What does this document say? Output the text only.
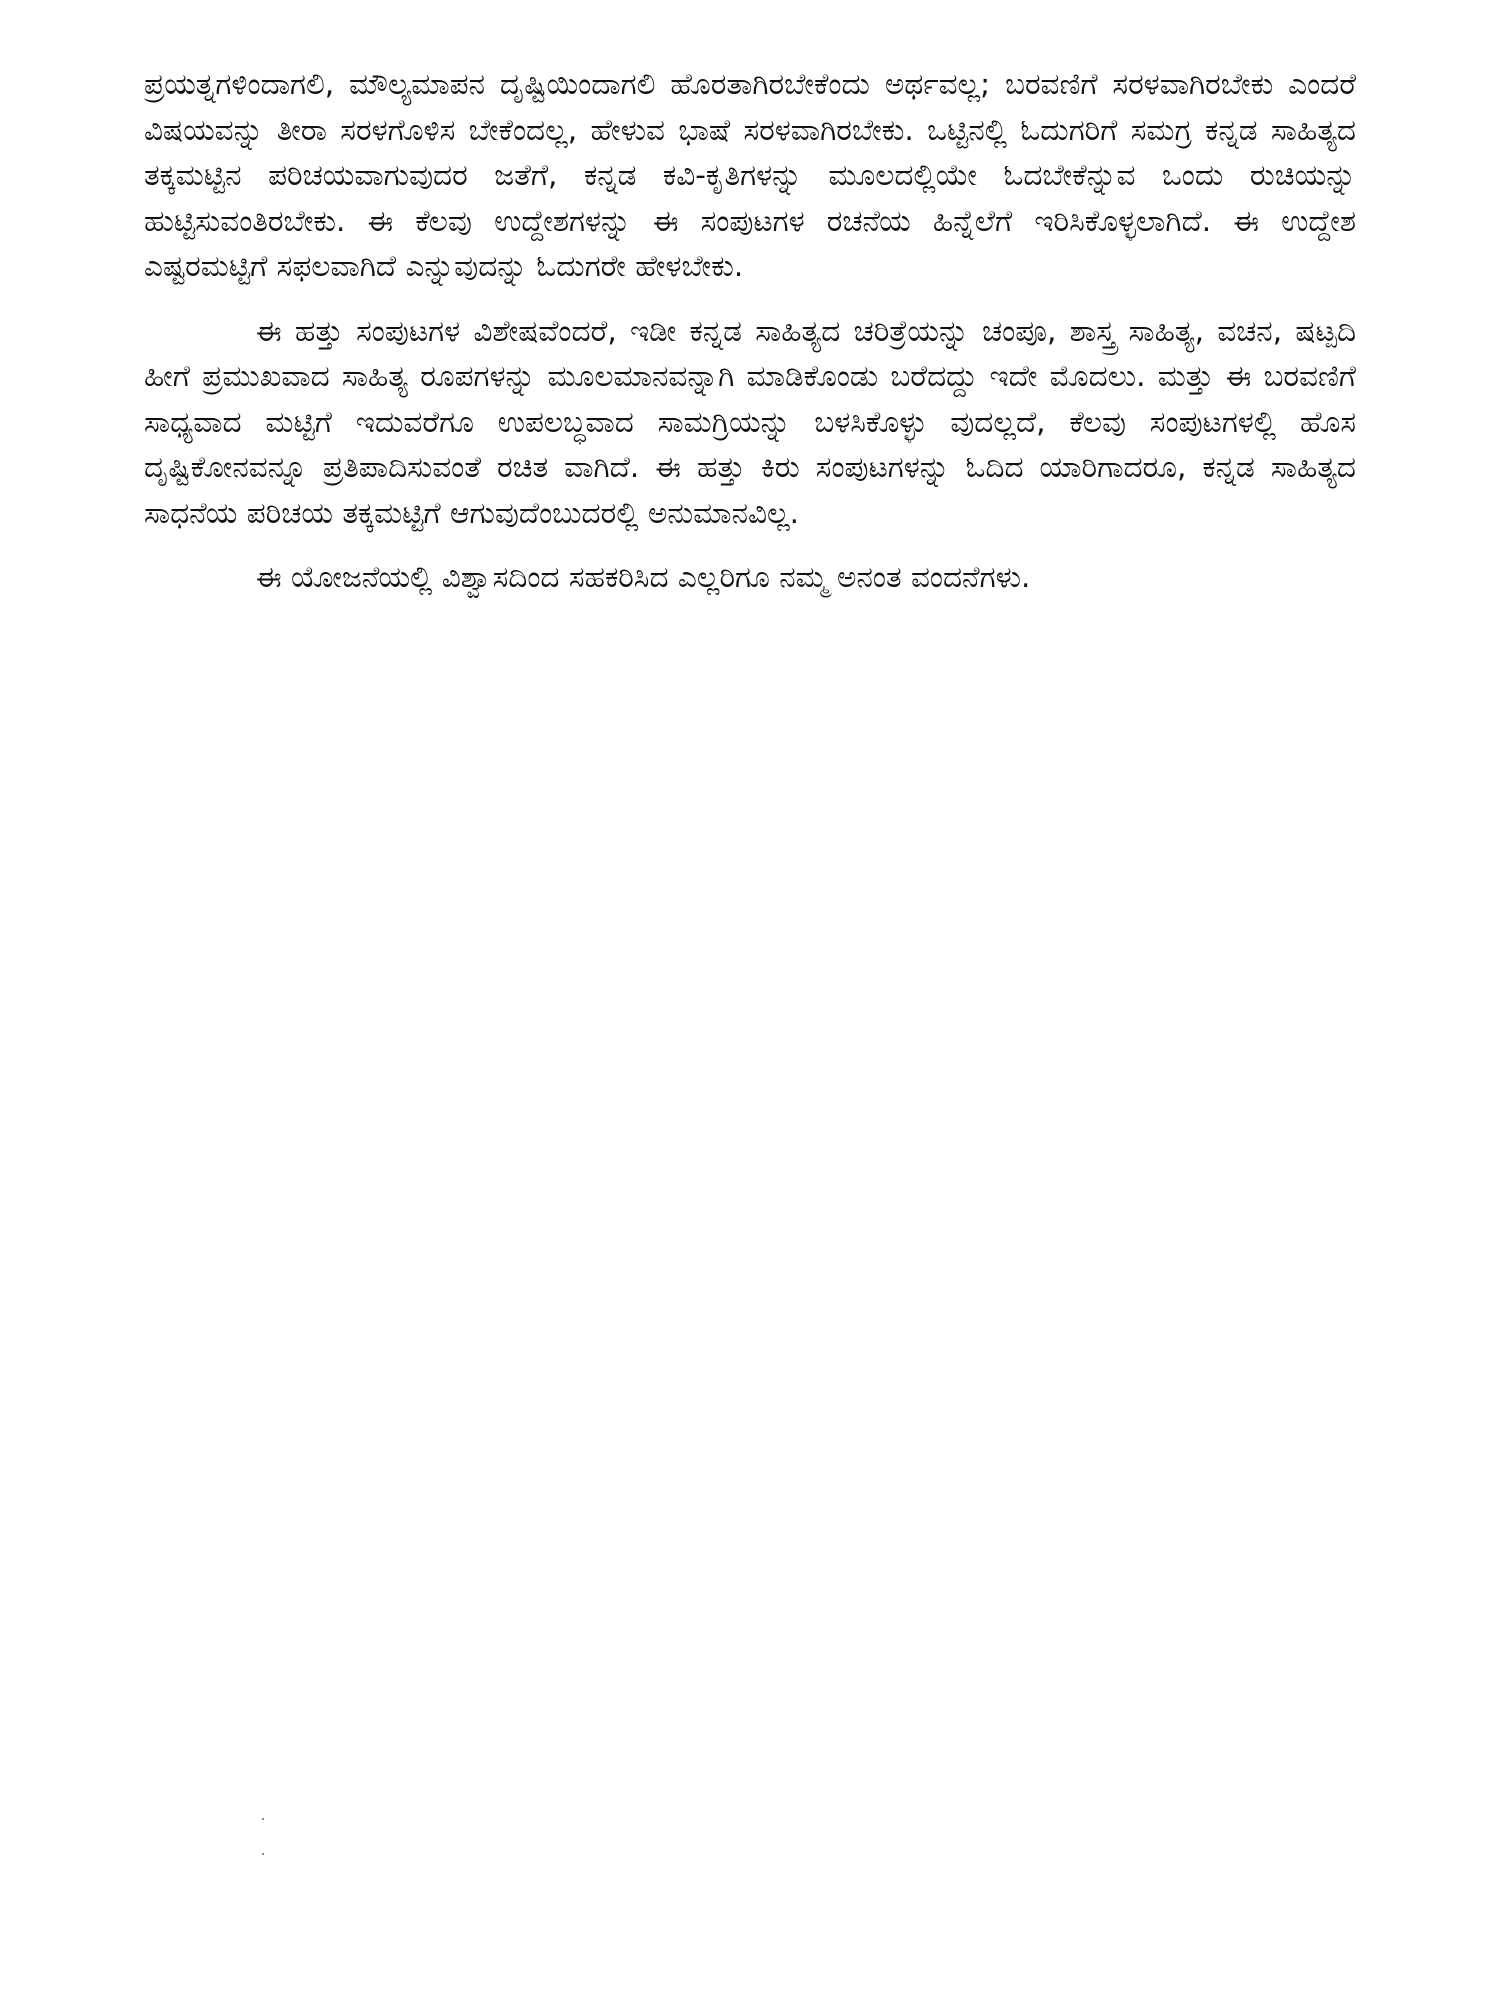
ಪ್ರಯತ್ನಗಳಿಂದಾಗಲಿ, ಮೌಲ್ಯಮಾಪನ ದೃಷ್ಟಿಯಿಂದಾಗಲಿ ಹೊರತಾಗಿರಬೇಕೆಂದು ಅರ್ಥವಲ್ಲ; ಬರವಣಿಗೆ ಸರಳವಾಗಿರಬೇಕು ಎಂದರೆ ವಿಷಯವನ್ನು ತೀರಾ ಸರಳಗೊಳಿಸ ಬೇಕೆಂದಲ್ಲ, ಹೇಳುವ ಭಾಷೆ ಸರಳವಾಗಿರಬೇಕು. ಒಟ್ಟಿನಲ್ಲಿ ಓದುಗರಿಗೆ ಸಮಗ್ರ ಕನ್ನಡ ಸಾಹಿತ್ಯದ ತಕ್ಕಮಟ್ಟಿನ ಪರಿಚಯವಾಗುವುದರ ಜತೆಗೆ, ಕನ್ನಡ ಕವಿ-ಕೃತಿಗಳನ್ನು ಮೂಲದಲ್ಲಿಯೇ ಓದಬೇಕೆನ್ನುವ ಒಂದು ರುಚಿಯನ್ನು ಹುಟ್ಟಿಸುವಂತಿರಬೇಕು. ಈ ಕೆಲವು ಉದ್ದೇಶಗಳನ್ನು ಈ ಸಂಪುಟಗಳ ರಚನೆಯ ಹಿನ್ನೆಲೆಗೆ ಇರಿಸಿಕೊಳ್ಳಲಾಗಿದೆ. ಈ ಉದ್ದೇಶ ಎಷ್ಟರಮಟ್ಟಿಗೆ ಸಫಲವಾಗಿದೆ ಎನ್ನುವುದನ್ನು ಓದುಗರೇ ಹೇಳಬೇಕು.

ಈ ಹತ್ತು ಸಂಪುಟಗಳ ವಿಶೇಷವೆಂದರೆ, ಇಡೀ ಕನ್ನಡ ಸಾಹಿತ್ಯದ ಚರಿತ್ರೆಯನ್ನು ಚಂಪೂ, ಶಾಸ್ತ್ರ ಸಾಹಿತ್ಯ, ವಚನ, ಷಟ್ಪದಿ ಹೀಗೆ ಪ್ರಮುಖವಾದ ಸಾಹಿತ್ಯ ರೂಪಗಳನ್ನು ಮೂಲಮಾನವನ್ನಾಗಿ ಮಾಡಿಕೊಂಡು ಬರೆದದ್ದು ಇದೇ ಮೊದಲು. ಮತ್ತು ಈ ಬರವಣಿಗೆ ಸಾಧ್ಯವಾದ ಮಟ್ಟಿಗೆ ಇದುವರೆಗೂ ಉಪಲಬ್ಧವಾದ ಸಾಮಗ್ರಿಯನ್ನು ಬಳಸಿಕೊಳ್ಳು ವುದಲ್ಲದೆ, ಕೆಲವು ಸಂಪುಟಗಳಲ್ಲಿ ಹೊಸ ದೃಷ್ಟಿಕೋನವನ್ನೂ ಪ್ರತಿಪಾದಿಸುವಂತೆ ರಚಿತ ವಾಗಿದೆ. ಈ ಹತ್ತು ಕಿರು ಸಂಪುಟಗಳನ್ನು ಓದಿದ ಯಾರಿಗಾದರೂ, ಕನ್ನಡ ಸಾಹಿತ್ಯದ ಸಾಧನೆಯ ಪರಿಚಯ ತಕ್ಕಮಟ್ಟಿಗೆ ಆಗುವುದೆಂಬುದರಲ್ಲಿ ಅನುಮಾನವಿಲ್ಲ.

ಈ ಯೋಜನೆಯಲ್ಲಿ ವಿಶ್ವಾಸದಿಂದ ಸಹಕರಿಸಿದ ಎಲ್ಲರಿಗೂ ನಮ್ಮ ಅನಂತ ವಂದನೆಗಳು.
